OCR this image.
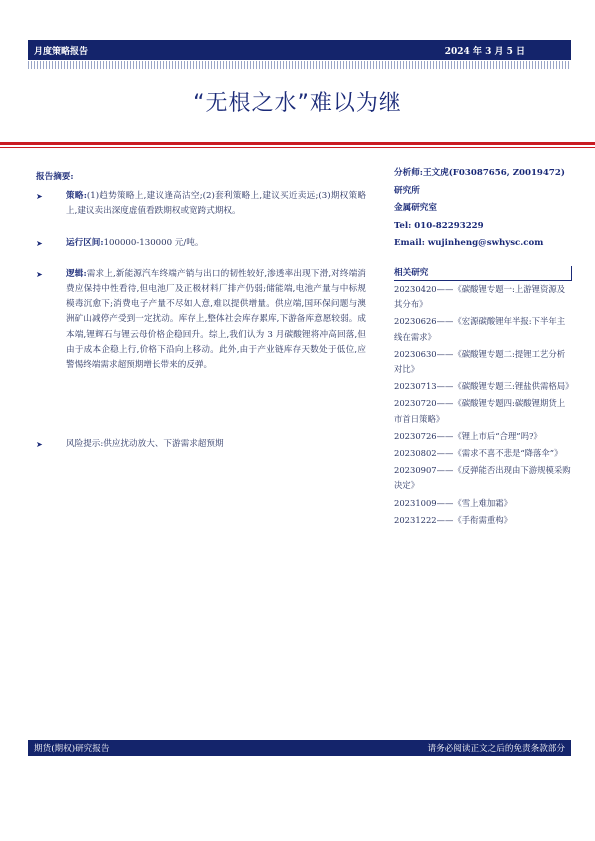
月度策略报告	2024 年 3 月 5 日
“无根之水”难以为继
报告摘要:
➤	策略:(1)趋势策略上,建议逢高沽空;(2)套利策略上,建议买近卖远;(3)期权策略上,建议卖出深度虚值看跌期权或宽跨式期权。
➤	运行区间:100000-130000 元/吨。
➤	逻辑:需求上,新能源汽车终端产销与出口的韧性较好,渗透率出现下滑,对终端消费应保持中性看待,但电池厂及正极材料厂排产仍弱;储能端,电池产量与中标规模毒沉愈下;消费电子产量不尽如人意,难以提供增量。供应端,国环保问题与澳洲矿山减停产受到一定扰动。库存上,整体社会库存累库,下游备库意愿较弱。成本端,锂辉石与锂云母价格企稳回升。综上,我们认为 3 月碳酸锂将冲高回落,但由于成本企稳上行,价格下沿向上移动。此外,由于产业链库存天数处于低位,应警惕终端需求超预期增长带来的反弹。
➤	风险提示:供应扰动放大、下游需求超预期
分析师:王文虎(F03087656, Z0019472)
研究所
金属研究室
Tel: 010-82293229
Email: wujinheng@swhysc.com
相关研究
20230420——《碳酸锂专题一:上游锂资源及其分布》
20230626——《宏源碳酸锂年半报:下半年主线在需求》
20230630——《碳酸锂专题二:提锂工艺分析对比》
20230713——《碳酸锂专题三:锂盐供需格局》
20230720——《碳酸锂专题四:碳酸锂期货上市首日策略》
20230726——《锂上市后“合理”吗?》
20230802——《需求不喜不悲是“降落伞”》
20230907——《反弹能否出现由下游规模采购决定》
20231009——《雪上难加霜》
20231222——《手衔需重构》
期货(期权)研究报告	请务必阅读正文之后的免责条款部分
